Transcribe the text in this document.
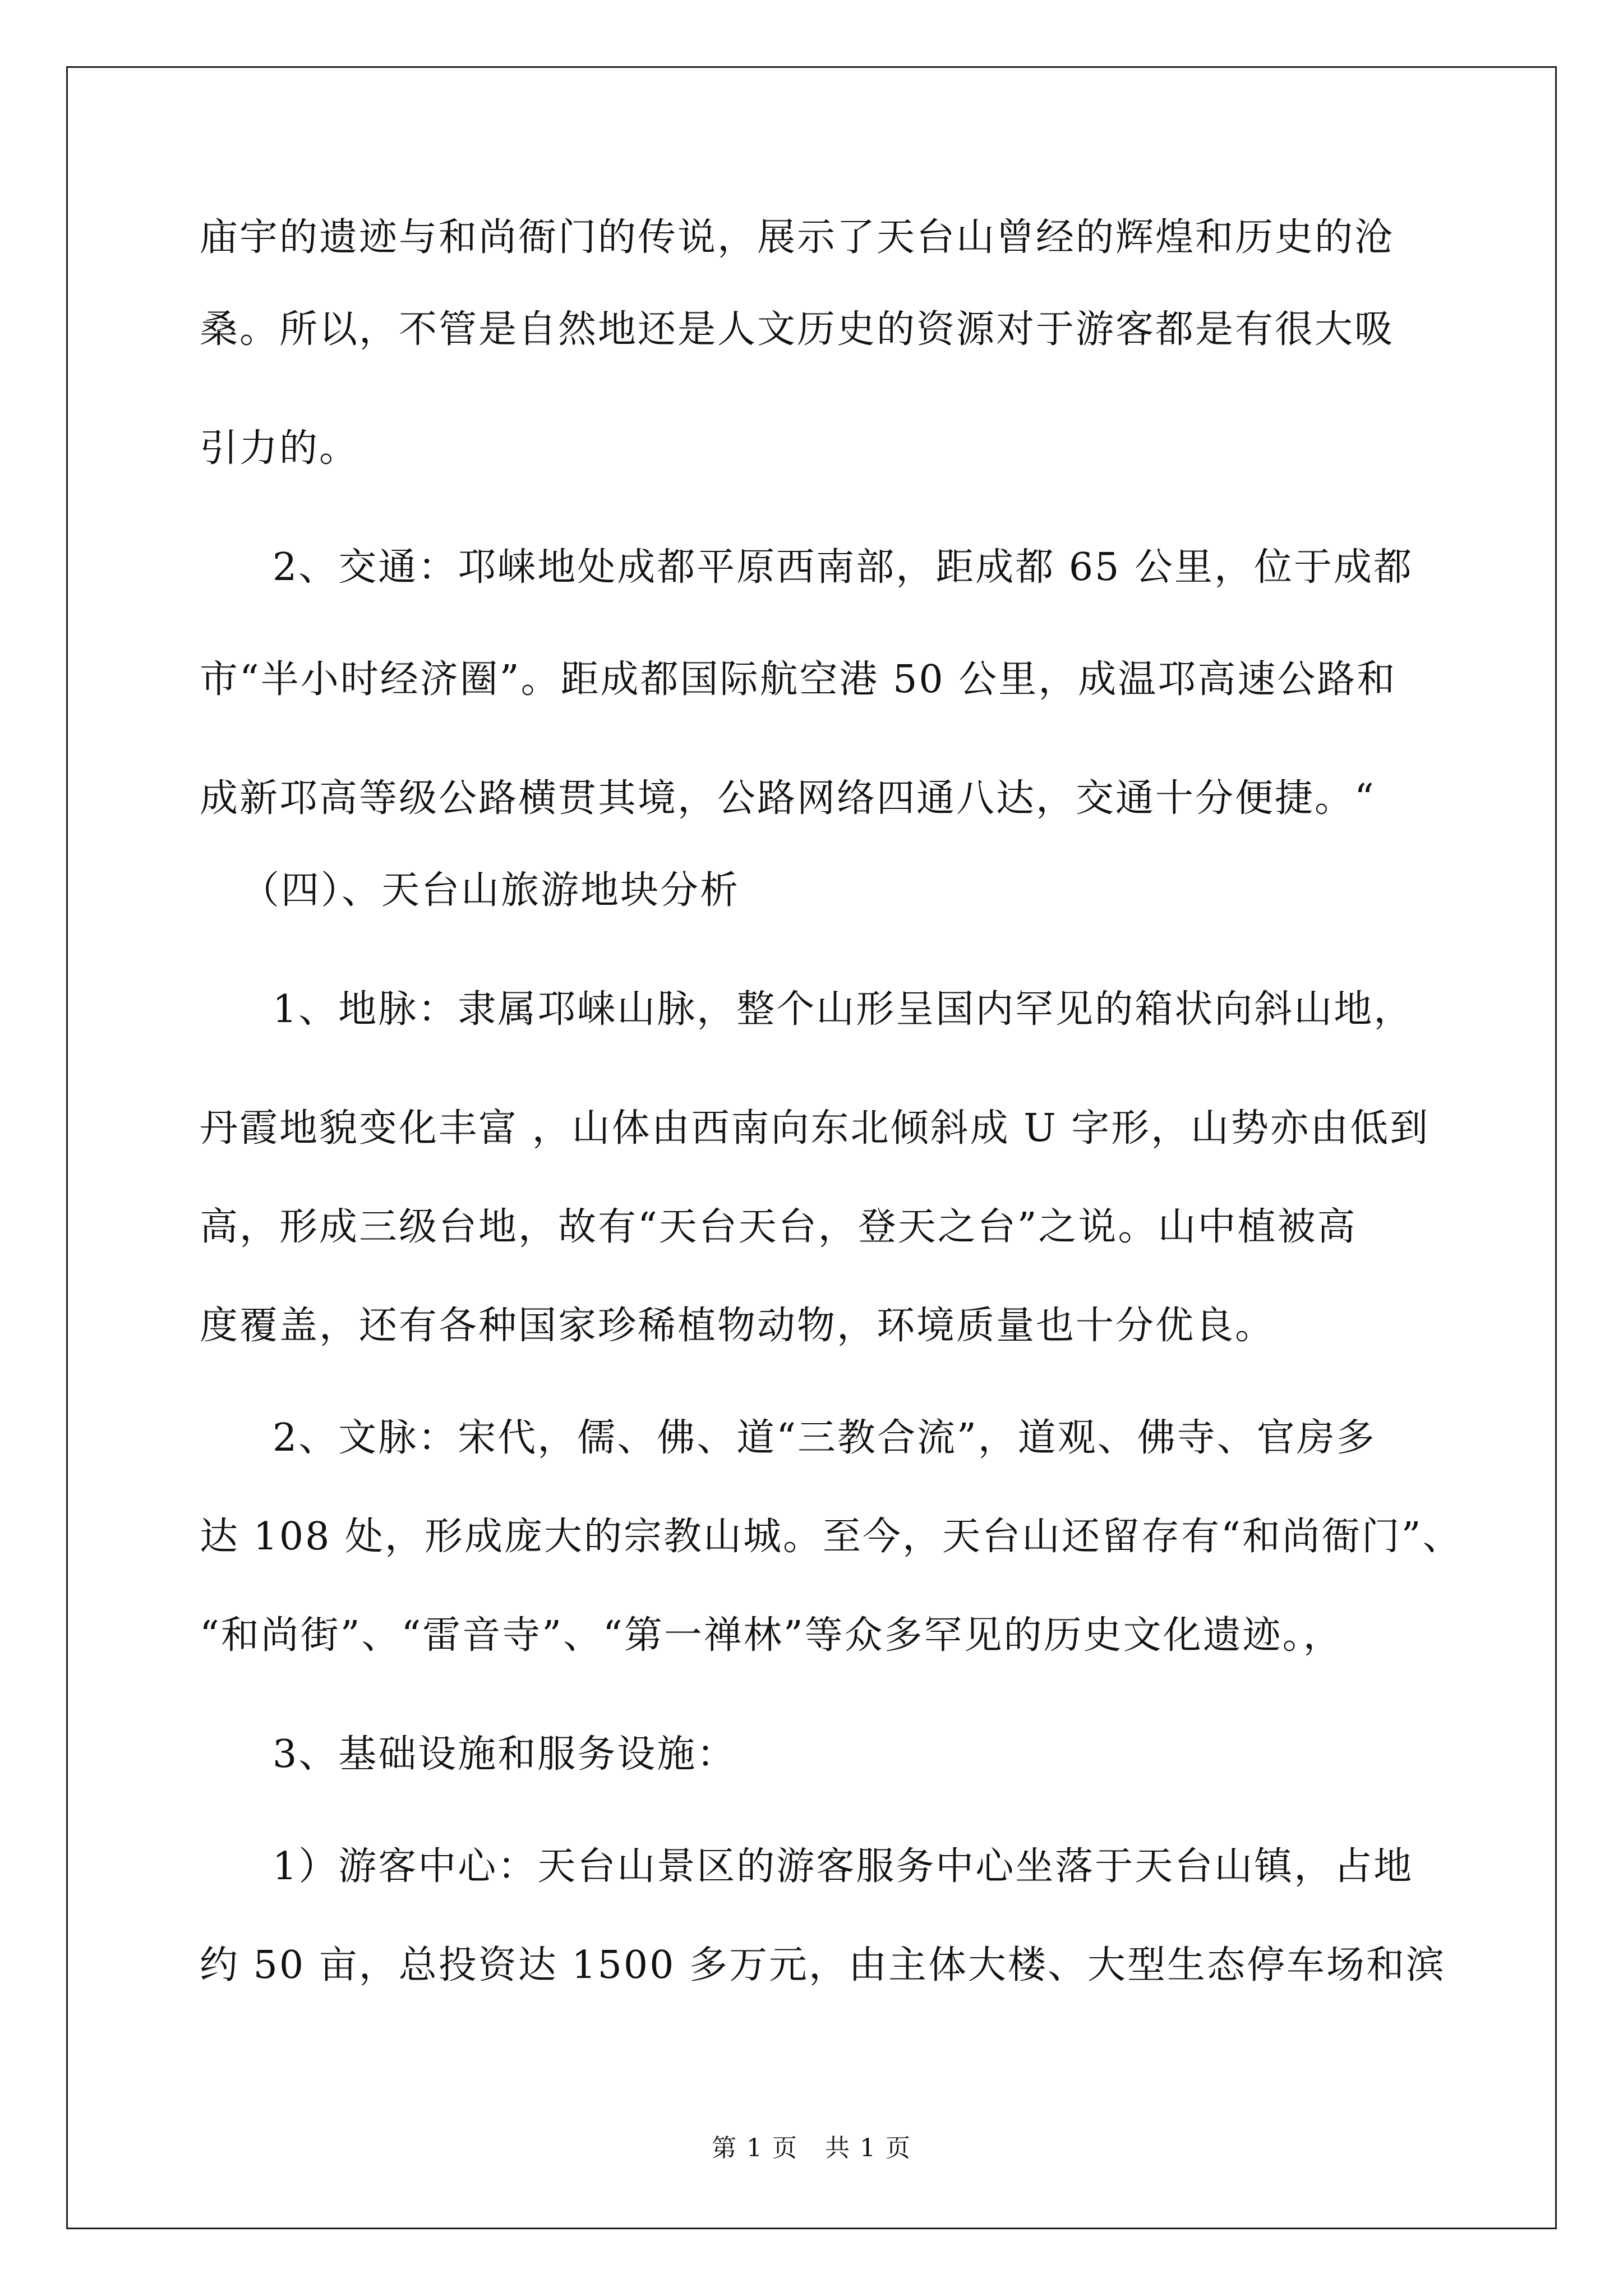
庙宇的遗迹与和尚衙门的传说，展示了天台山曾经的辉煌和历史的沧
桑。所以，不管是自然地还是人文历史的资源对于游客都是有很大吸
引力的。
2、交通：邛崃地处成都平原西南部，距成都 65 公里，位于成都
市“半小时经济圈”。距成都国际航空港 50 公里，成温邛高速公路和
成新邛高等级公路横贯其境，公路网络四通八达，交通十分便捷。“
（四）、天台山旅游地块分析
1、地脉：隶属邛崃山脉，整个山形呈国内罕见的箱状向斜山地，
丹霞地貌变化丰富 ，山体由西南向东北倾斜成 U 字形，山势亦由低到
高，形成三级台地，故有“天台天台，登天之台”之说。山中植被高
度覆盖，还有各种国家珍稀植物动物，环境质量也十分优良。
2、文脉：宋代，儒、佛、道“三教合流”，道观、佛寺、官房多
达 108 处，形成庞大的宗教山城。至今，天台山还留存有“和尚衙门”、
“和尚街”、“雷音寺”、“第一禅林”等众多罕见的历史文化遗迹。，
3、基础设施和服务设施：
1）游客中心：天台山景区的游客服务中心坐落于天台山镇，占地
约 50 亩，总投资达 1500 多万元，由主体大楼、大型生态停车场和滨
第 1 页   共 1 页
